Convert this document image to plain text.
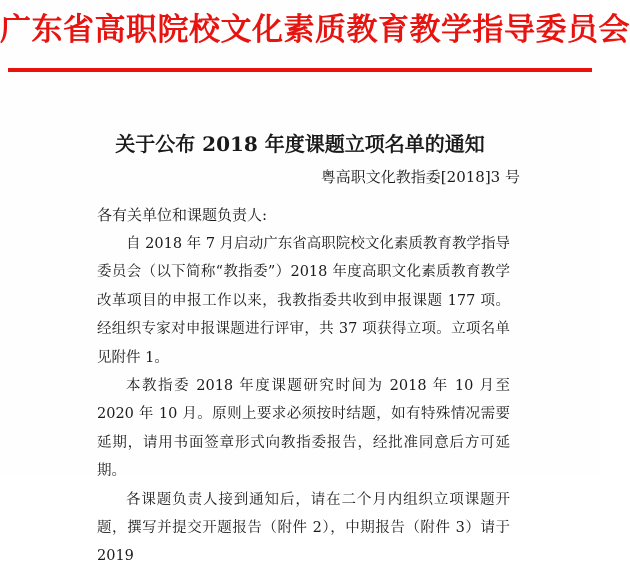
广东省高职院校文化素质教育教学指导委员会
关于公布 2018 年度课题立项名单的通知
粤高职文化教指委[2018]3 号
各有关单位和课题负责人:

自 2018 年 7 月启动广东省高职院校文化素质教育教学指导委员会（以下简称“教指委”）2018 年度高职文化素质教育教学改革项目的申报工作以来，我教指委共收到申报课题 177 项。经组织专家对申报课题进行评审，共 37 项获得立项。立项名单见附件 1。

本教指委 2018 年度课题研究时间为 2018 年 10 月至 2020 年 10 月。原则上要求必须按时结题，如有特殊情况需要延期，请用书面签章形式向教指委报告，经批准同意后方可延期。

各课题负责人接到通知后，请在二个月内组织立项课题开题，撰写并提交开题报告（附件 2），中期报告（附件 3）请于 2019
